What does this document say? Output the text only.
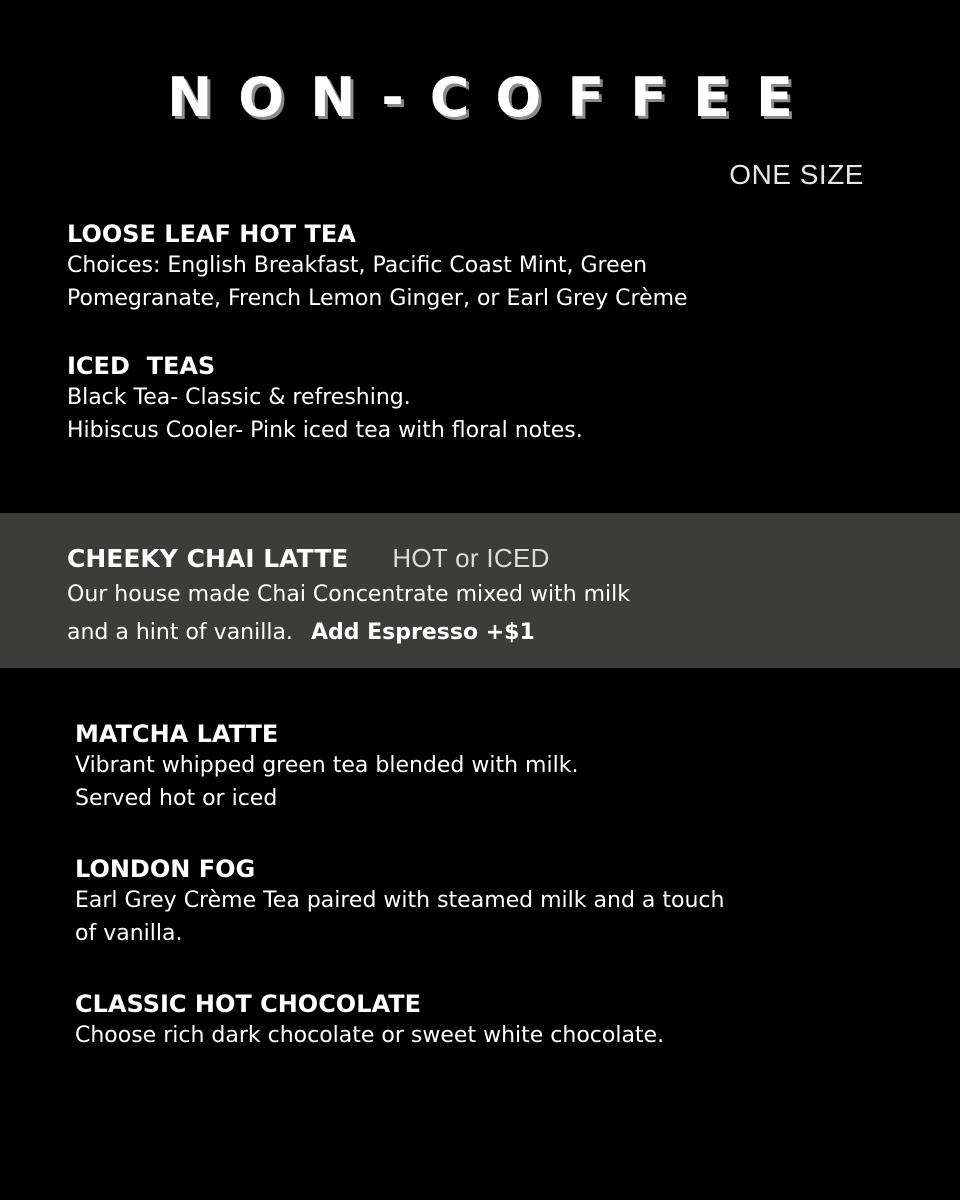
NON-COFFEE
ONE SIZE
LOOSE LEAF HOT TEA
Choices: English Breakfast, Pacific Coast Mint, Green
Pomegranate, French Lemon Ginger, or Earl Grey Crème
ICED  TEAS
Black Tea- Classic & refreshing.
Hibiscus Cooler- Pink iced tea with floral notes.
CHEEKY CHAI LATTE HOT or ICED
Our house made Chai Concentrate mixed with milk
and a hint of vanilla. Add Espresso +$1
MATCHA LATTE
Vibrant whipped green tea blended with milk.
Served hot or iced
LONDON FOG
Earl Grey Crème Tea paired with steamed milk and a touch
of vanilla.
CLASSIC HOT CHOCOLATE
Choose rich dark chocolate or sweet white chocolate.
